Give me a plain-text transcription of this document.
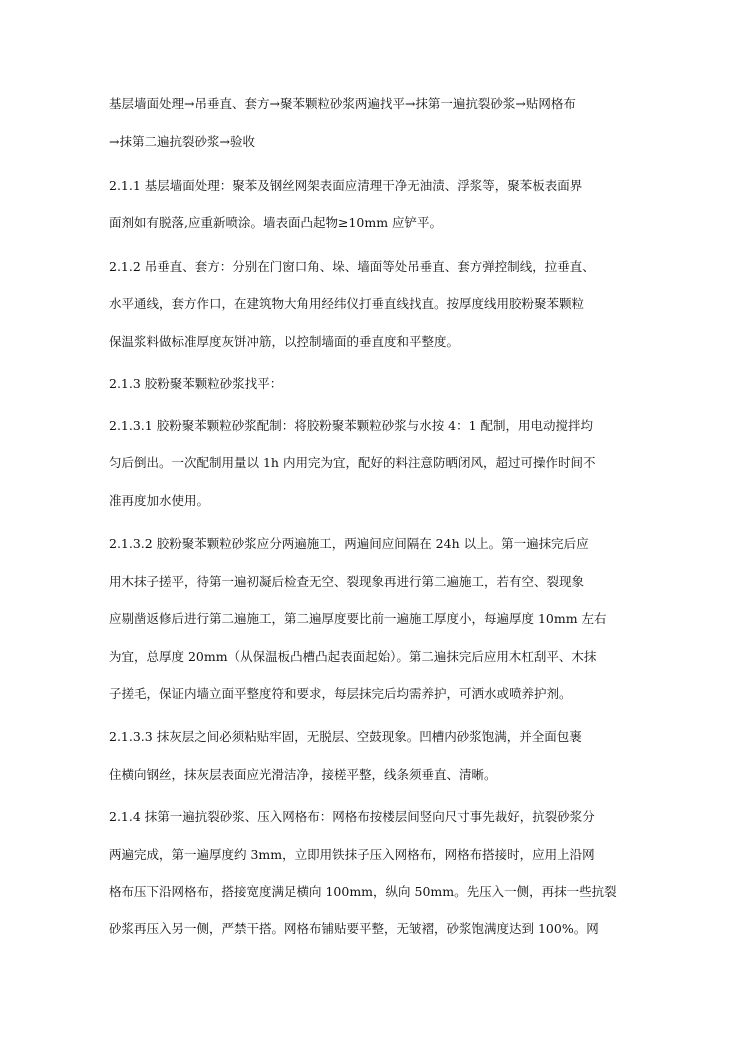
基层墙面处理→吊垂直、套方→聚苯颗粒砂浆两遍找平→抹第一遍抗裂砂浆→贴网格布
→抹第二遍抗裂砂浆→验收
2.1.1 基层墙面处理：聚苯及钢丝网架表面应清理干净无油渍、浮浆等，聚苯板表面界
面剂如有脱落,应重新喷涂。墙表面凸起物≥10mm 应铲平。
2.1.2 吊垂直、套方：分别在门窗口角、垛、墙面等处吊垂直、套方弹控制线，拉垂直、
水平通线，套方作口，在建筑物大角用经纬仪打垂直线找直。按厚度线用胶粉聚苯颗粒
保温浆料做标准厚度灰饼冲筋，以控制墙面的垂直度和平整度。
2.1.3 胶粉聚苯颗粒砂浆找平：
2.1.3.1 胶粉聚苯颗粒砂浆配制：将胶粉聚苯颗粒砂浆与水按 4：1 配制，用电动搅拌均
匀后倒出。一次配制用量以 1h 内用完为宜，配好的料注意防晒闭风，超过可操作时间不
准再度加水使用。
2.1.3.2 胶粉聚苯颗粒砂浆应分两遍施工，两遍间应间隔在 24h 以上。第一遍抹完后应
用木抹子搓平，待第一遍初凝后检查无空、裂现象再进行第二遍施工，若有空、裂现象
应剔凿返修后进行第二遍施工，第二遍厚度要比前一遍施工厚度小，每遍厚度 10mm 左右
为宜，总厚度 20mm（从保温板凸槽凸起表面起始）。第二遍抹完后应用木杠刮平、木抹
子搓毛，保证内墙立面平整度符和要求，每层抹完后均需养护，可洒水或喷养护剂。
2.1.3.3 抹灰层之间必须粘贴牢固，无脱层、空鼓现象。凹槽内砂浆饱满，并全面包裹
住横向钢丝，抹灰层表面应光滑洁净，接槎平整，线条须垂直、清晰。
2.1.4 抹第一遍抗裂砂浆、压入网格布：网格布按楼层间竖向尺寸事先裁好，抗裂砂浆分
两遍完成，第一遍厚度约 3mm，立即用铁抹子压入网格布，网格布搭接时，应用上沿网
格布压下沿网格布，搭接宽度满足横向 100mm，纵向 50mm。先压入一侧，再抹一些抗裂
砂浆再压入另一侧，严禁干搭。网格布铺贴要平整，无皱褶，砂浆饱满度达到 100%。网
